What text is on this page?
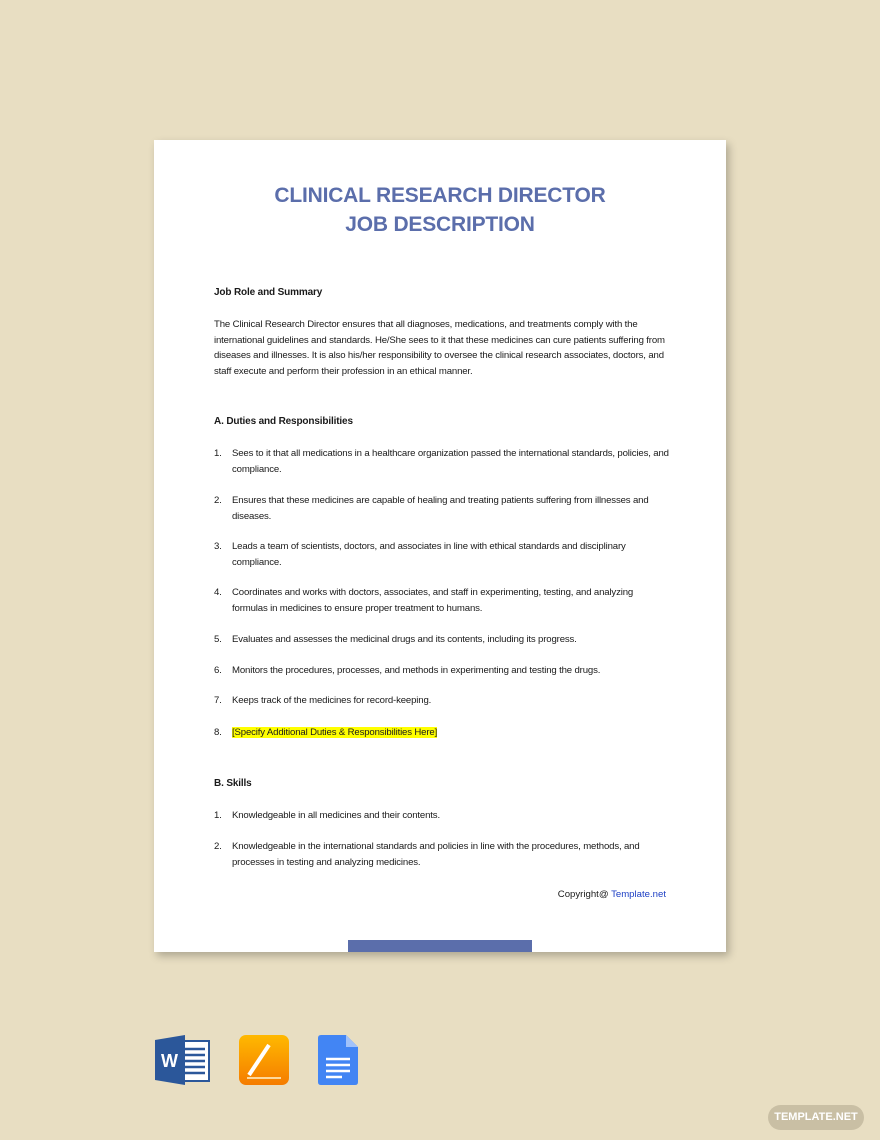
CLINICAL RESEARCH DIRECTOR
JOB DESCRIPTION
Job Role and Summary
The Clinical Research Director ensures that all diagnoses, medications, and treatments comply with the international guidelines and standards. He/She sees to it that these medicines can cure patients suffering from diseases and illnesses. It is also his/her responsibility to oversee the clinical research associates, doctors, and staff execute and perform their profession in an ethical manner.
A. Duties and Responsibilities
1. Sees to it that all medications in a healthcare organization passed the international standards, policies, and compliance.
2. Ensures that these medicines are capable of healing and treating patients suffering from illnesses and diseases.
3. Leads a team of scientists, doctors, and associates in line with ethical standards and disciplinary compliance.
4. Coordinates and works with doctors, associates, and staff in experimenting, testing, and analyzing formulas in medicines to ensure proper treatment to humans.
5. Evaluates and assesses the medicinal drugs and its contents, including its progress.
6. Monitors the procedures, processes, and methods in experimenting and testing the drugs.
7. Keeps track of the medicines for record-keeping.
8. [Specify Additional Duties & Responsibilities Here]
B. Skills
1. Knowledgeable in all medicines and their contents.
2. Knowledgeable in the international standards and policies in line with the procedures, methods, and processes in testing and analyzing medicines.
Copyright@ Template.net
W
TEMPLATE.NET
